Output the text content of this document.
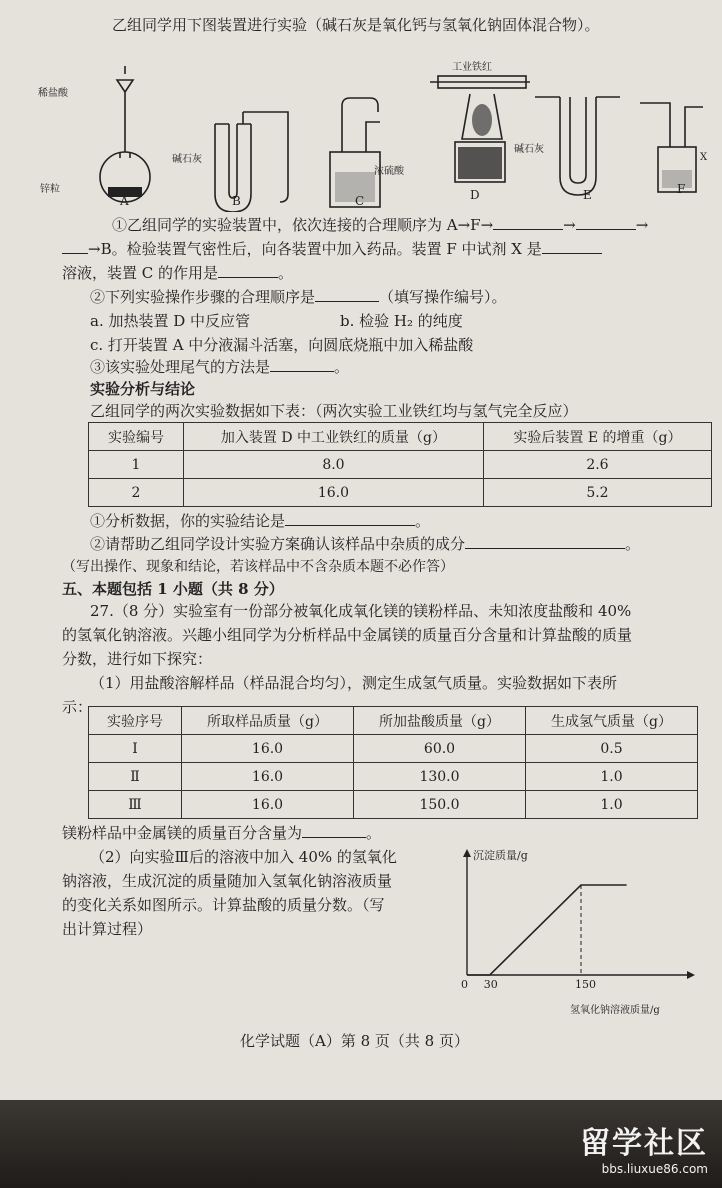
乙组同学用下图装置进行实验（碱石灰是氧化钙与氢氧化钠固体混合物）。
稀盐酸
锌粒
碱石灰
浓硫酸
工业铁红
碱石灰
X
A	B	C	D	E	F
①乙组同学的实验装置中，依次连接的合理顺序为 A→F→	→	→
→B。检验装置气密性后，向各装置中加入药品。装置 F 中试剂 X 是
溶液，装置 C 的作用是	。
②下列实验操作步骤的合理顺序是	（填写操作编号）。
a. 加热装置 D 中反应管	b. 检验 H₂ 的纯度
c. 打开装置 A 中分液漏斗活塞，向圆底烧瓶中加入稀盐酸
③该实验处理尾气的方法是	。
实验分析与结论
乙组同学的两次实验数据如下表：（两次实验工业铁红均与氢气完全反应）
实验编号	加入装置 D 中工业铁红的质量（g）	实验后装置 E 的增重（g）
1	8.0	2.6
2	16.0	5.2
①分析数据，你的实验结论是	。
②请帮助乙组同学设计实验方案确认该样品中杂质的成分	。
（写出操作、现象和结论，若该样品中不含杂质本题不必作答）
五、本题包括 1 小题（共 8 分）
27.（8 分）实验室有一份部分被氧化成氧化镁的镁粉样品、未知浓度盐酸和 40%
的氢氧化钠溶液。兴趣小组同学为分析样品中金属镁的质量百分含量和计算盐酸的质量
分数，进行如下探究：
（1）用盐酸溶解样品（样品混合均匀），测定生成氢气质量。实验数据如下表所
示：
实验序号	所取样品质量（g）	所加盐酸质量（g）	生成氢气质量（g）
Ⅰ	16.0	60.0	0.5
Ⅱ	16.0	130.0	1.0
Ⅲ	16.0	150.0	1.0
镁粉样品中金属镁的质量百分含量为	。
（2）向实验Ⅲ后的溶液中加入 40% 的氢氧化
钠溶液，生成沉淀的质量随加入氢氧化钠溶液质量
的变化关系如图所示。计算盐酸的质量分数。（写
出计算过程）
沉淀质量/g
氢氧化钠溶液质量/g
0 30	150
化学试题（A）第 8 页（共 8 页）
留学社区
bbs.liuxue86.com
